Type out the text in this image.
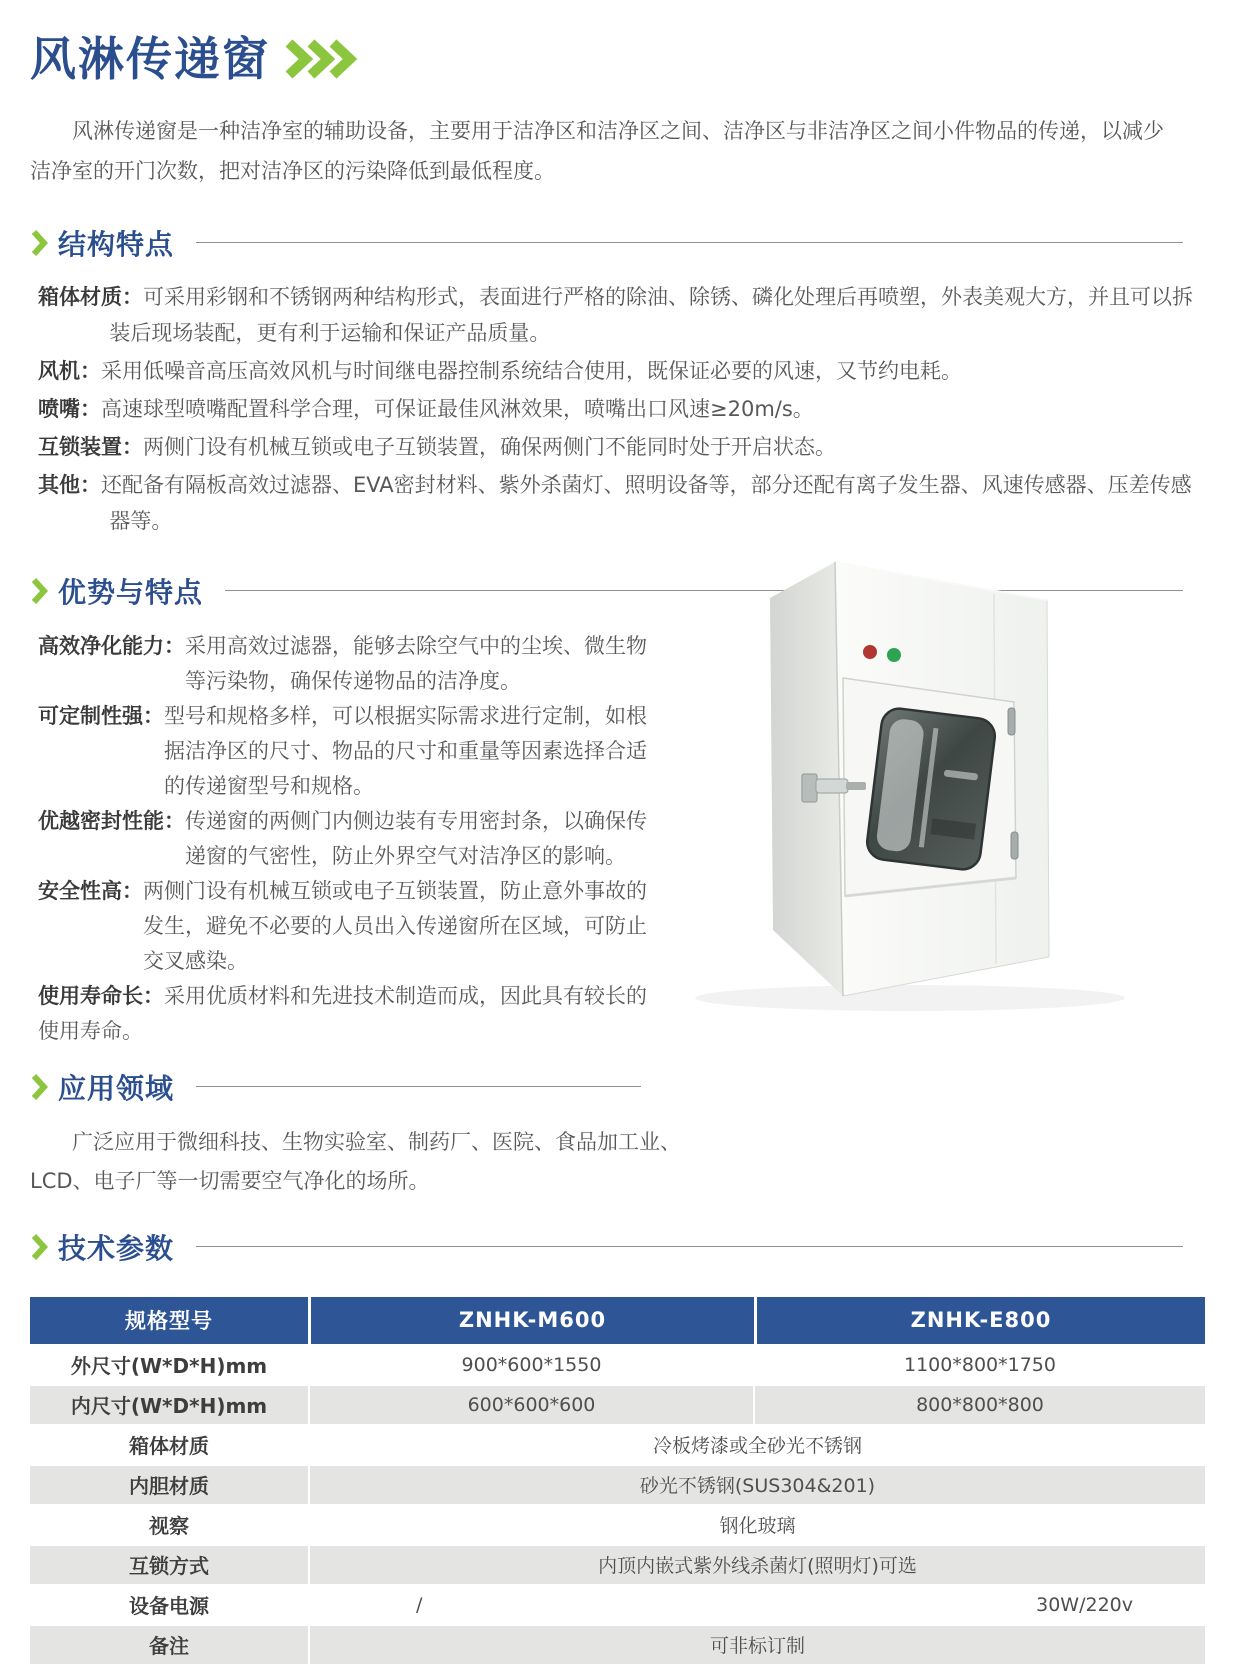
风淋传递窗

风淋传递窗是一种洁净室的辅助设备，主要用于洁净区和洁净区之间、洁净区与非洁净区之间小件物品的传递，以减少洁净室的开门次数，把对洁净区的污染降低到最低程度。

结构特点

箱体材质：可采用彩钢和不锈钢两种结构形式，表面进行严格的除油、除锈、磷化处理后再喷塑，外表美观大方，并且可以拆装后现场装配，更有利于运输和保证产品质量。

风机：采用低噪音高压高效风机与时间继电器控制系统结合使用，既保证必要的风速，又节约电耗。

喷嘴：高速球型喷嘴配置科学合理，可保证最佳风淋效果，喷嘴出口风速≥20m/s。

互锁装置：两侧门设有机械互锁或电子互锁装置，确保两侧门不能同时处于开启状态。

其他：还配备有隔板高效过滤器、EVA密封材料、紫外杀菌灯、照明设备等，部分还配有离子发生器、风速传感器、压差传感器等。

优势与特点

高效净化能力：采用高效过滤器，能够去除空气中的尘埃、微生物等污染物，确保传递物品的洁净度。

可定制性强：型号和规格多样，可以根据实际需求进行定制，如根据洁净区的尺寸、物品的尺寸和重量等因素选择合适的传递窗型号和规格。

优越密封性能：传递窗的两侧门内侧边装有专用密封条，以确保传递窗的气密性，防止外界空气对洁净区的影响。

安全性高：两侧门设有机械互锁或电子互锁装置，防止意外事故的发生，避免不必要的人员出入传递窗所在区域，可防止交叉感染。

使用寿命长：采用优质材料和先进技术制造而成，因此具有较长的使用寿命。

应用领域

广泛应用于微细科技、生物实验室、制药厂、医院、食品加工业、LCD、电子厂等一切需要空气净化的场所。

技术参数
规格型号	ZNHK-M600	ZNHK-E800
外尺寸(W*D*H)mm	900*600*1550	1100*800*1750
内尺寸(W*D*H)mm	600*600*600	800*800*800
箱体材质	冷板烤漆或全砂光不锈钢
内胆材质	砂光不锈钢(SUS304&201)
视察	钢化玻璃
互锁方式	内顶内嵌式紫外线杀菌灯(照明灯)可选
设备电源	/	30W/220v
备注	可非标订制
